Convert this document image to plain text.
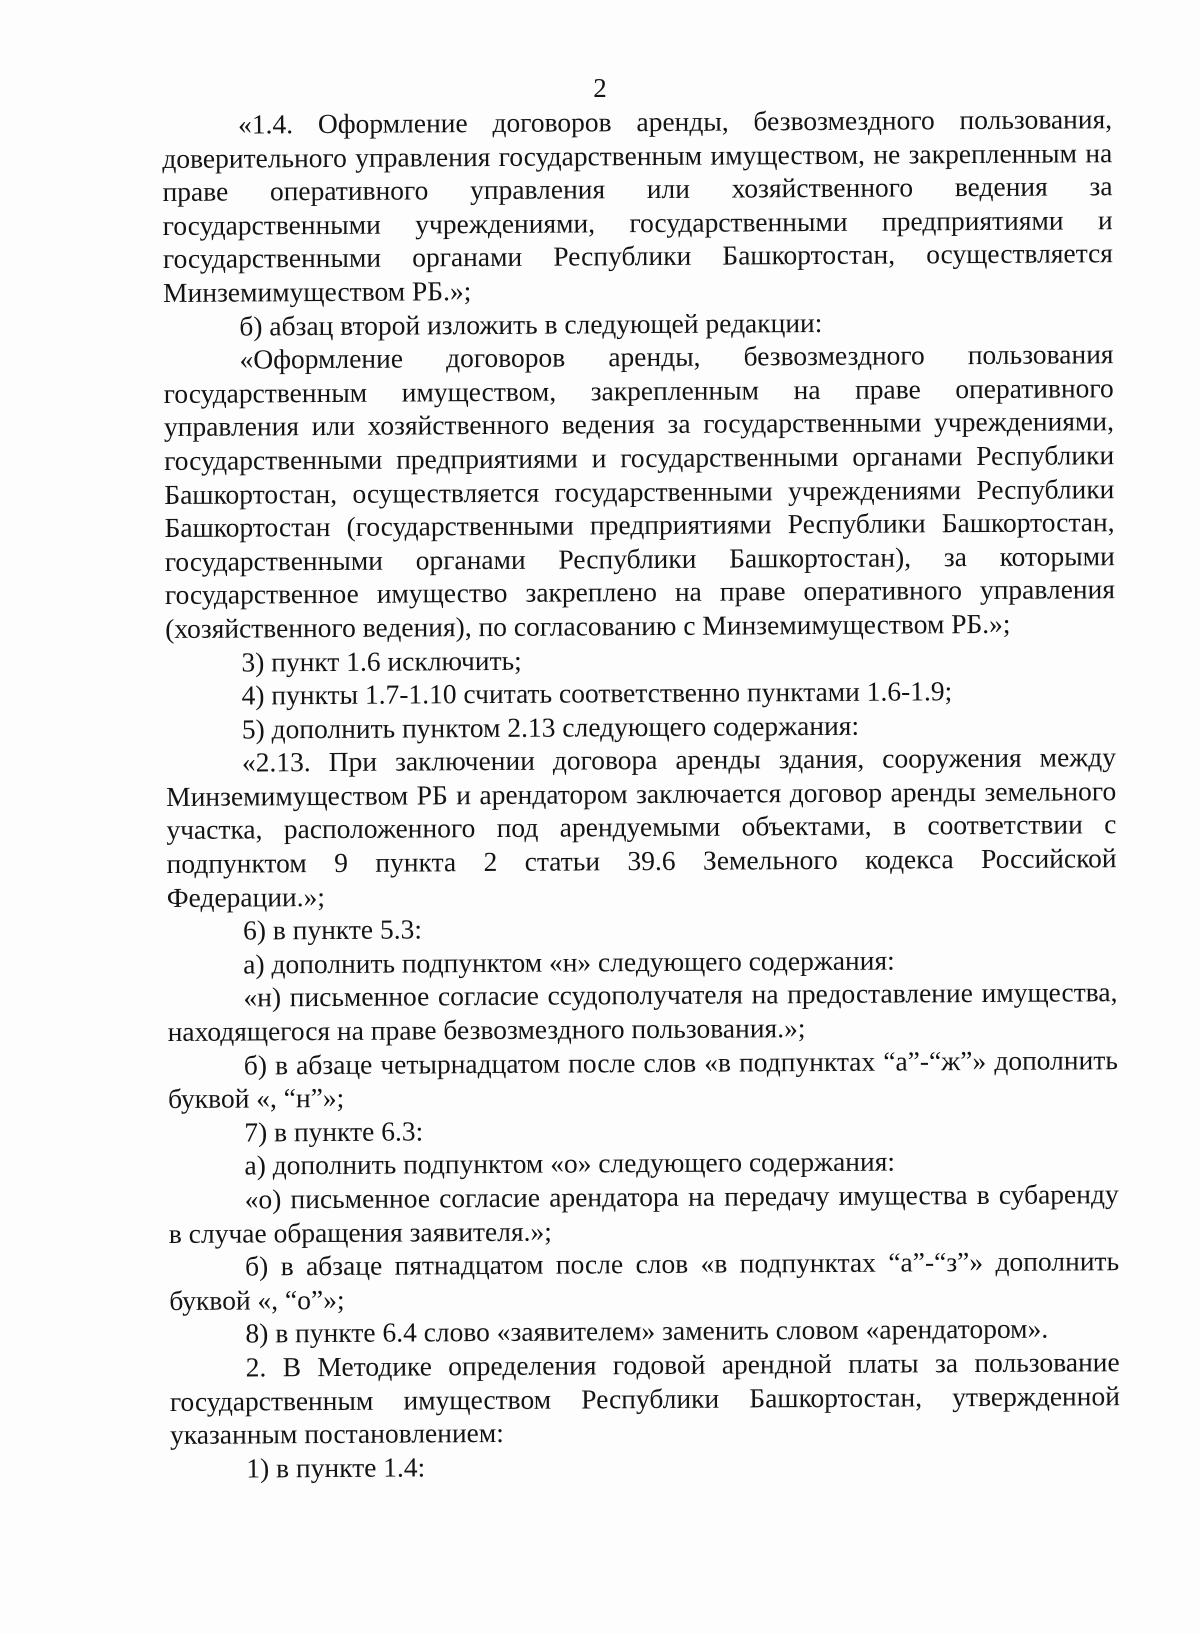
2

«1.4. Оформление договоров аренды, безвозмездного пользования, доверительного управления государственным имуществом, не закрепленным на праве оперативного управления или хозяйственного ведения за государственными учреждениями, государственными предприятиями и государственными органами Республики Башкортостан, осуществляется Минземимуществом РБ.»;

б) абзац второй изложить в следующей редакции:

«Оформление договоров аренды, безвозмездного пользования государственным имуществом, закрепленным на праве оперативного управления или хозяйственного ведения за государственными учреждениями, государственными предприятиями и государственными органами Республики Башкортостан, осуществляется государственными учреждениями Республики Башкортостан (государственными предприятиями Республики Башкортостан, государственными органами Республики Башкортостан), за которыми государственное имущество закреплено на праве оперативного управления (хозяйственного ведения), по согласованию с Минземимуществом РБ.»;

3) пункт 1.6 исключить;

4) пункты 1.7-1.10 считать соответственно пунктами 1.6-1.9;

5) дополнить пунктом 2.13 следующего содержания:

«2.13. При заключении договора аренды здания, сооружения между Минземимуществом РБ и арендатором заключается договор аренды земельного участка, расположенного под арендуемыми объектами, в соответствии с подпунктом 9 пункта 2 статьи 39.6 Земельного кодекса Российской Федерации.»;

6) в пункте 5.3:

а) дополнить подпунктом «н» следующего содержания:

«н) письменное согласие ссудополучателя на предоставление имущества, находящегося на праве безвозмездного пользования.»;

б) в абзаце четырнадцатом после слов «в подпунктах “а”-“ж”» дополнить буквой «, “н”»;

7) в пункте 6.3:

а) дополнить подпунктом «о» следующего содержания:

«о) письменное согласие арендатора на передачу имущества в субаренду в случае обращения заявителя.»;

б) в абзаце пятнадцатом после слов «в подпунктах “а”-“з”» дополнить буквой «, “о”»;

8) в пункте 6.4 слово «заявителем» заменить словом «арендатором».

2. В Методике определения годовой арендной платы за пользование государственным имуществом Республики Башкортостан, утвержденной указанным постановлением:

1) в пункте 1.4:
